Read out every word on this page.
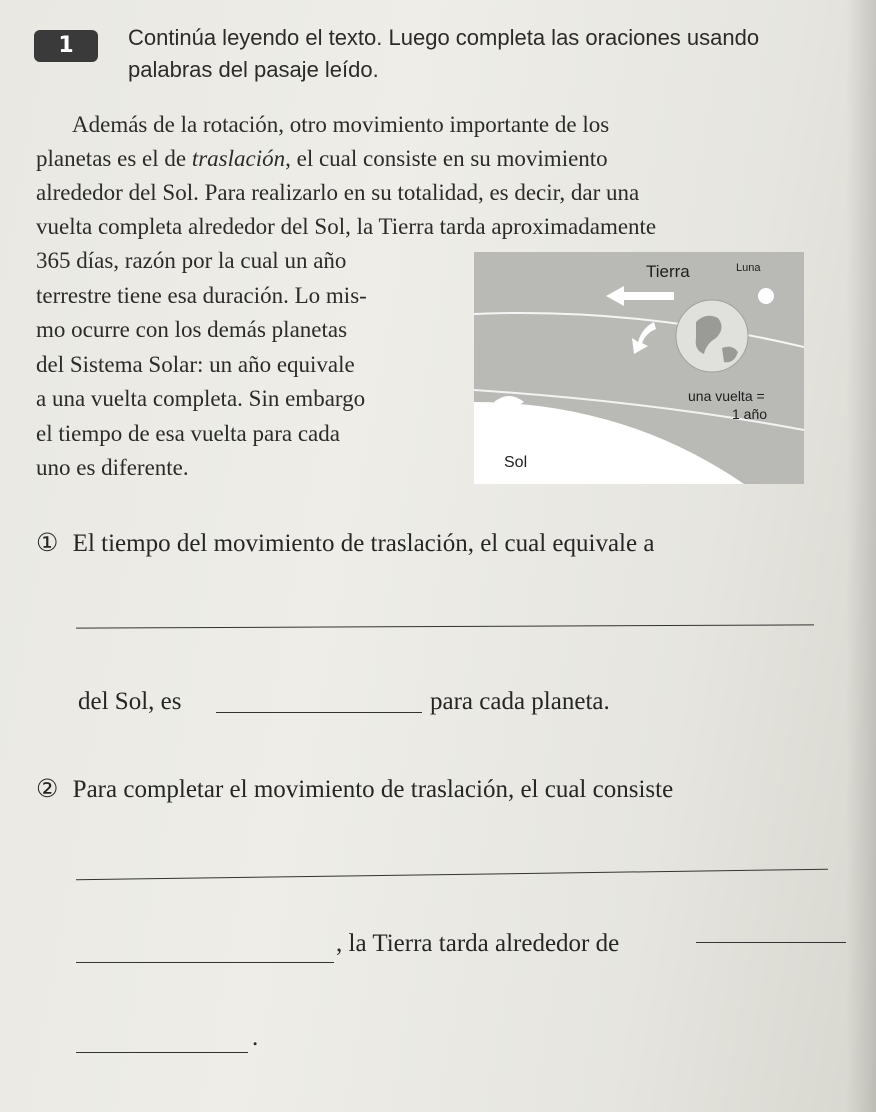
1	Continúa leyendo el texto. Luego completa las oraciones usando palabras del pasaje leído.

Además de la rotación, otro movimiento importante de los

planetas es el de traslación, el cual consiste en su movimiento

alrededor del Sol. Para realizarlo en su totalidad, es decir, dar una

vuelta completa alrededor del Sol, la Tierra tarda aproximadamente

365 días, razón por la cual un año
terrestre tiene esa duración. Lo mis-
mo ocurre con los demás planetas
del Sistema Solar: un año equivale
a una vuelta completa. Sin embargo
el tiempo de esa vuelta para cada
uno es diferente.
Tierra	Luna
una vuelta =
1 año
Sol
① El tiempo del movimiento de traslación, el cual equivale a
del Sol, es	para cada planeta.
② Para completar el movimiento de traslación, el cual consiste
, la Tierra tarda alrededor de
.
